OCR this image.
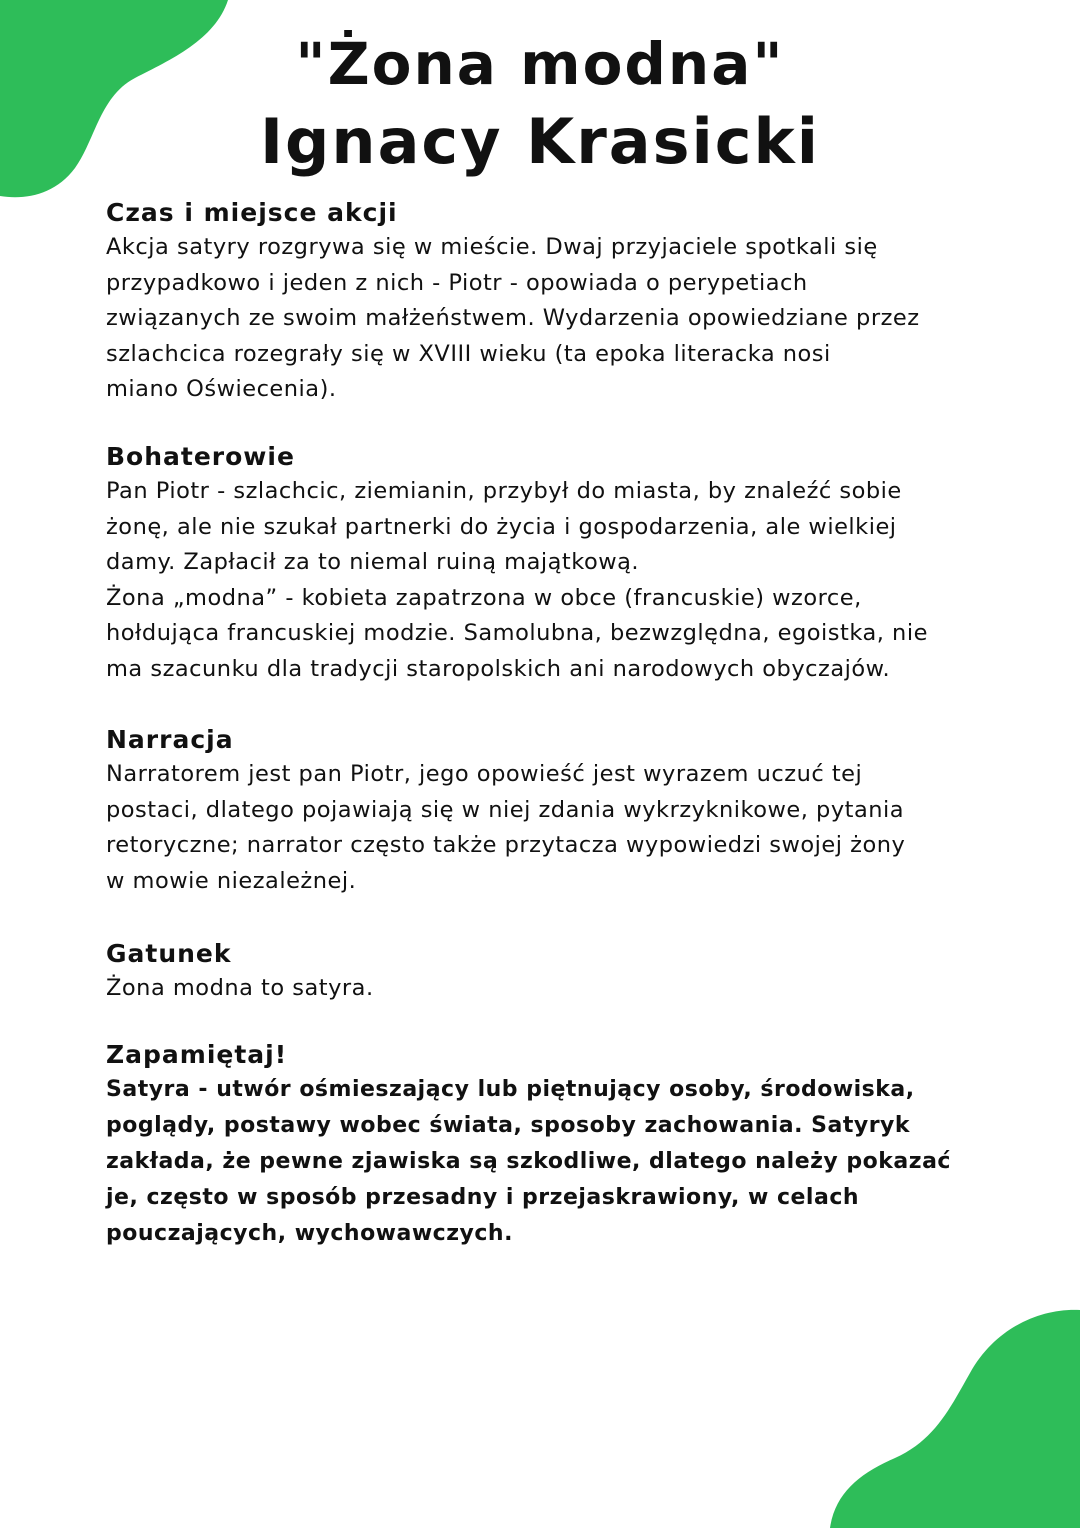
"Żona modna"
Ignacy Krasicki
Czas i miejsce akcji
Akcja satyry rozgrywa się w mieście. Dwaj przyjaciele spotkali się
przypadkowo i jeden z nich - Piotr - opowiada o perypetiach
związanych ze swoim małżeństwem. Wydarzenia opowiedziane przez
szlachcica rozegrały się w XVIII wieku (ta epoka literacka nosi
miano Oświecenia).
Bohaterowie
Pan Piotr - szlachcic, ziemianin, przybył do miasta, by znaleźć sobie
żonę, ale nie szukał partnerki do życia i gospodarzenia, ale wielkiej
damy. Zapłacił za to niemal ruiną majątkową.
Żona „modna” - kobieta zapatrzona w obce (francuskie) wzorce,
hołdująca francuskiej modzie. Samolubna, bezwzględna, egoistka, nie
ma szacunku dla tradycji staropolskich ani narodowych obyczajów.
Narracja
Narratorem jest pan Piotr, jego opowieść jest wyrazem uczuć tej
postaci, dlatego pojawiają się w niej zdania wykrzyknikowe, pytania
retoryczne; narrator często także przytacza wypowiedzi swojej żony
w mowie niezależnej.
Gatunek
Żona modna to satyra.
Zapamiętaj!
Satyra - utwór ośmieszający lub piętnujący osoby, środowiska,
poglądy, postawy wobec świata, sposoby zachowania. Satyryk
zakłada, że pewne zjawiska są szkodliwe, dlatego należy pokazać
je, często w sposób przesadny i przejaskrawiony, w celach
pouczających, wychowawczych.
